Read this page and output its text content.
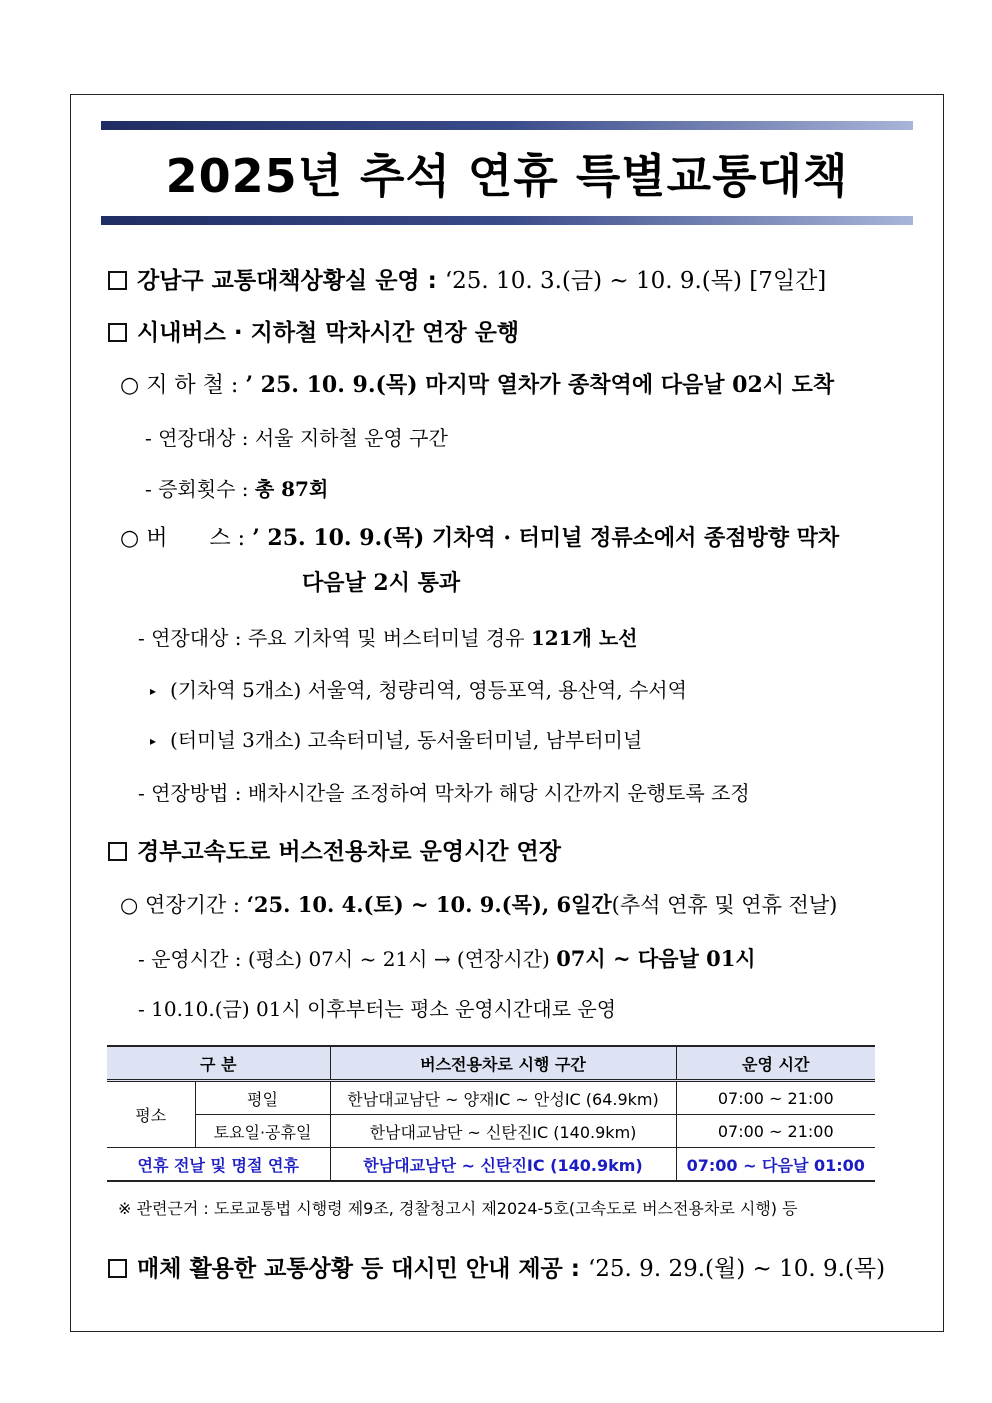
2025년 추석 연휴 특별교통대책
강남구 교통대책상황실 운영 : ‘25. 10. 3.(금) ~ 10. 9.(목) [7일간]
시내버스 · 지하철 막차시간 연장 운행
○ 지 하 철 : ’ 25. 10. 9.(목) 마지막 열차가 종착역에 다음날 02시 도착
- 연장대상 : 서울 지하철 운영 구간
- 증회횟수 : 총 87회
○ 버      스 : ’ 25. 10. 9.(목) 기차역 · 터미널 정류소에서 종점방향 막차
다음날 2시 통과
- 연장대상 : 주요 기차역 및 버스터미널 경유 121개 노선
▸ (기차역 5개소) 서울역, 청량리역, 영등포역, 용산역, 수서역
▸ (터미널 3개소) 고속터미널, 동서울터미널, 남부터미널
- 연장방법 : 배차시간을 조정하여 막차가 해당 시간까지 운행토록 조정
경부고속도로 버스전용차로 운영시간 연장
○ 연장기간 : ‘25. 10. 4.(토) ~ 10. 9.(목), 6일간(추석 연휴 및 연휴 전날)
- 운영시간 : (평소) 07시 ~ 21시 → (연장시간) 07시 ~ 다음날 01시
- 10.10.(금) 01시 이후부터는 평소 운영시간대로 운영
구 분		버스전용차로 시행 구간	운영 시간
평소	평일	한남대교남단 ~ 양재IC ~ 안성IC (64.9km)	07:00 ~ 21:00
	토요일·공휴일	한남대교남단 ~ 신탄진IC (140.9km)	07:00 ~ 21:00
연휴 전날 및 명절 연휴		한남대교남단 ~ 신탄진IC (140.9km)	07:00 ~ 다음날 01:00
※ 관련근거 : 도로교통법 시행령 제9조, 경찰청고시 제2024-5호(고속도로 버스전용차로 시행) 등
매체 활용한 교통상황 등 대시민 안내 제공 : ‘25. 9. 29.(월) ~ 10. 9.(목)
